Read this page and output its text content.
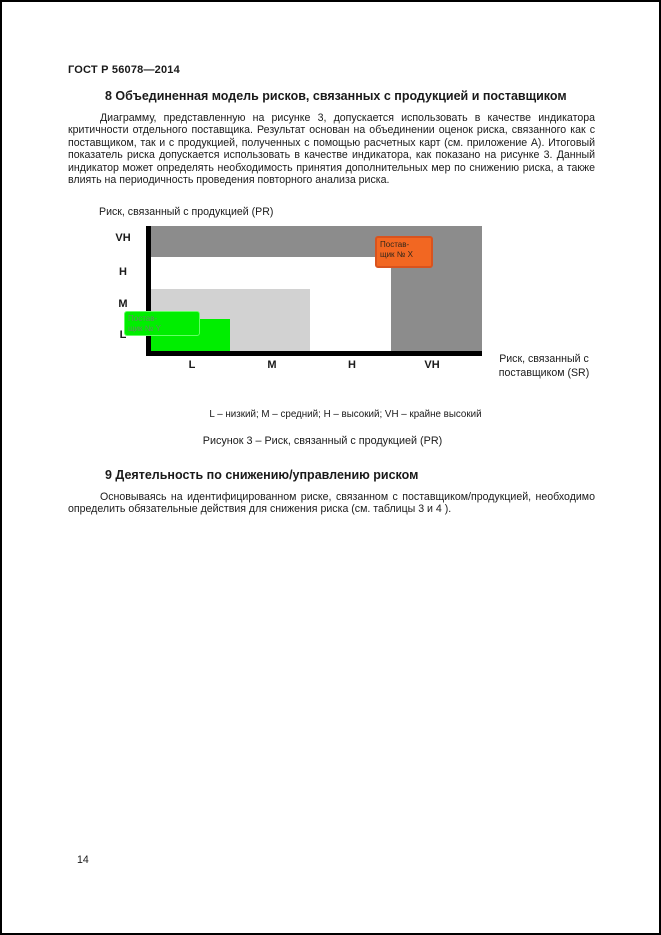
ГОСТ Р 56078—2014
8 Объединенная модель рисков, связанных с продукцией и поставщиком
Диаграмму, представленную на рисунке 3, допускается использовать в качестве индикатора критичности отдельного поставщика. Результат основан на объединении оценок риска, связанного как с поставщиком, так и с продукцией, полученных с помощью расчетных карт (см. приложение А). Итоговый показатель риска допускается использовать в качестве индикатора, как показано на рисунке 3. Данный индикатор может определять необходимость принятия дополнительных мер по снижению риска, а также влиять на периодичность проведения повторного анализа риска.
Риск, связанный с продукцией (PR)
Постав-
щик № Y
Постав-
щик № X
VH
H
M
L
L	M	H	VH	Риск, связанный с
поставщиком (SR)
L – низкий; M – средний; H – высокий; VH – крайне высокий
Рисунок 3 – Риск, связанный с продукцией (PR)
9 Деятельность по снижению/управлению риском
Основываясь на идентифицированном риске, связанном с поставщиком/продукцией, необходимо определить обязательные действия для снижения риска (см. таблицы 3 и 4 ).
14
